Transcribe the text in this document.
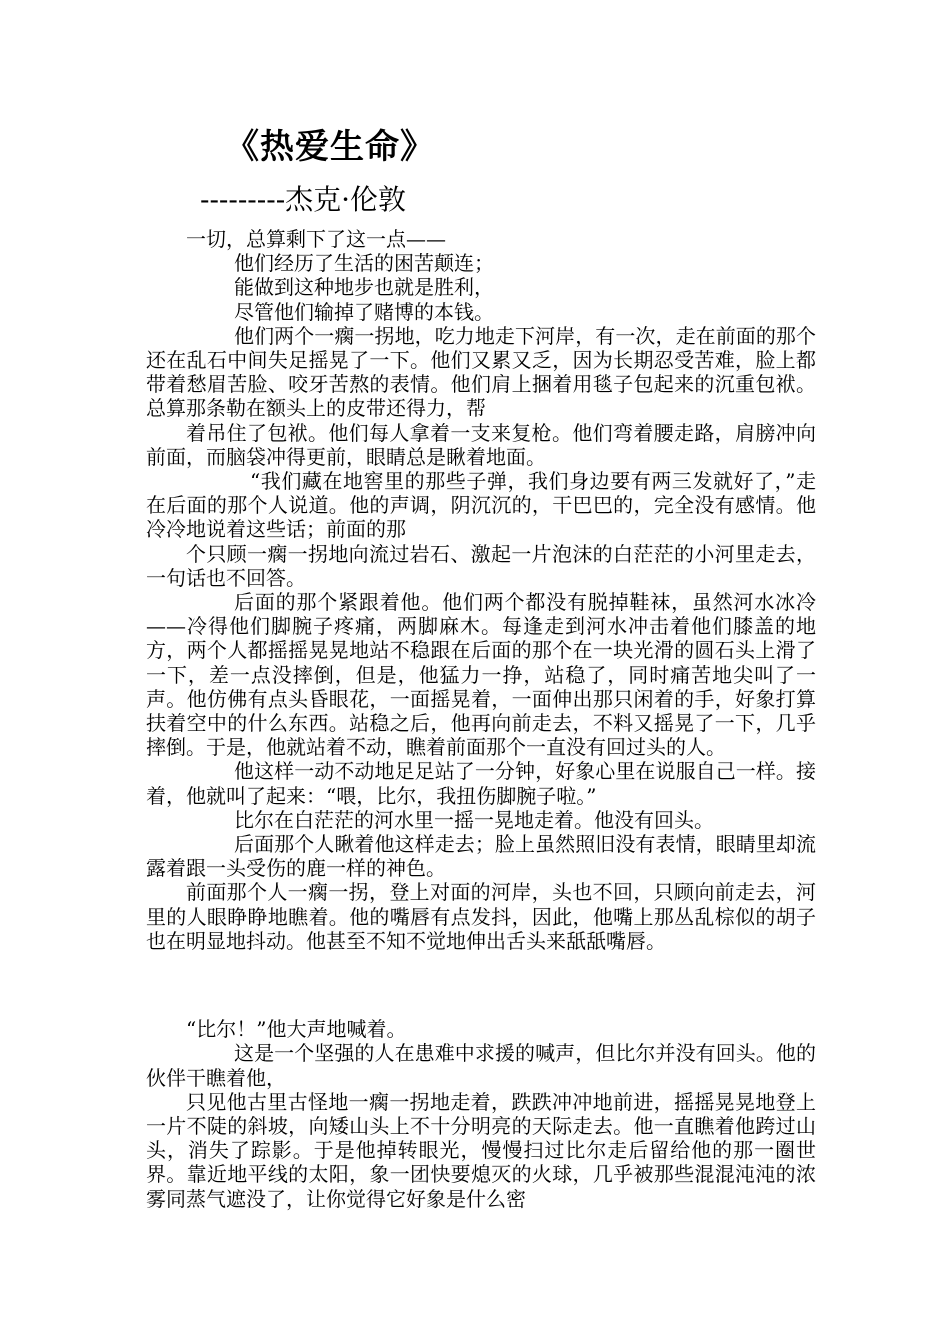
《热爱生命》
---------杰克·伦敦

一切，总算剩下了这一点——

他们经历了生活的困苦颠连；

能做到这种地步也就是胜利，

尽管他们输掉了赌博的本钱。

他们两个一瘸一拐地，吃力地走下河岸，有一次，走在前面的那个还在乱石中间失足摇晃了一下。他们又累又乏，因为长期忍受苦难，脸上都带着愁眉苦脸、咬牙苦熬的表情。他们肩上捆着用毯子包起来的沉重包袱。总算那条勒在额头上的皮带还得力，帮

着吊住了包袱。他们每人拿着一支来复枪。他们弯着腰走路，肩膀冲向前面，而脑袋冲得更前，眼睛总是瞅着地面。

“我们藏在地窖里的那些子弹，我们身边要有两三发就好了，”走在后面的那个人说道。他的声调，阴沉沉的，干巴巴的，完全没有感情。他冷冷地说着这些话；前面的那

个只顾一瘸一拐地向流过岩石、激起一片泡沫的白茫茫的小河里走去，一句话也不回答。

后面的那个紧跟着他。他们两个都没有脱掉鞋袜，虽然河水冰冷——冷得他们脚腕子疼痛，两脚麻木。每逢走到河水冲击着他们膝盖的地方，两个人都摇摇晃晃地站不稳跟在后面的那个在一块光滑的圆石头上滑了一下，差一点没摔倒，但是，他猛力一挣，站稳了，同时痛苦地尖叫了一声。他仿佛有点头昏眼花，一面摇晃着，一面伸出那只闲着的手，好象打算扶着空中的什么东西。站稳之后，他再向前走去，不料又摇晃了一下，几乎摔倒。于是，他就站着不动，瞧着前面那个一直没有回过头的人。

他这样一动不动地足足站了一分钟，好象心里在说服自己一样。接着，他就叫了起来：“喂，比尔，我扭伤脚腕子啦。”

比尔在白茫茫的河水里一摇一晃地走着。他没有回头。

后面那个人瞅着他这样走去；脸上虽然照旧没有表情，眼睛里却流露着跟一头受伤的鹿一样的神色。

前面那个人一瘸一拐，登上对面的河岸，头也不回，只顾向前走去，河里的人眼睁睁地瞧着。他的嘴唇有点发抖，因此，他嘴上那丛乱棕似的胡子也在明显地抖动。他甚至不知不觉地伸出舌头来舐舐嘴唇。

“比尔！”他大声地喊着。

这是一个坚强的人在患难中求援的喊声，但比尔并没有回头。他的伙伴干瞧着他，

只见他古里古怪地一瘸一拐地走着，跌跌冲冲地前进，摇摇晃晃地登上一片不陡的斜坡，向矮山头上不十分明亮的天际走去。他一直瞧着他跨过山头，消失了踪影。于是他掉转眼光，慢慢扫过比尔走后留给他的那一圈世界。靠近地平线的太阳，象一团快要熄灭的火球，几乎被那些混混沌沌的浓雾同蒸气遮没了，让你觉得它好象是什么密
